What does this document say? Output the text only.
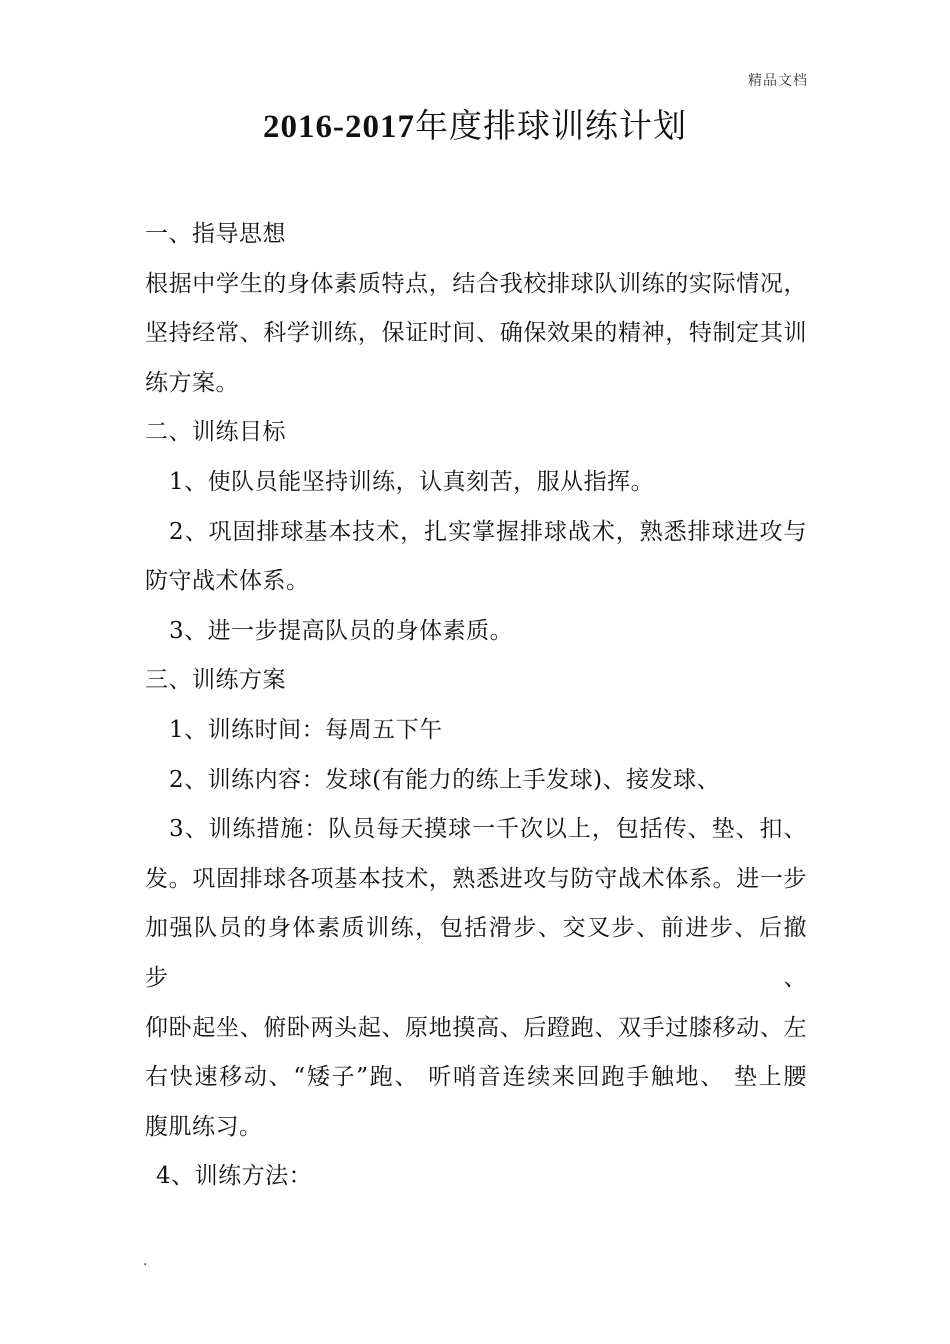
精品文档
2016-2017年度排球训练计划
一、指导思想
根据中学生的身体素质特点，结合我校排球队训练的实际情况，
坚持经常、科学训练，保证时间、确保效果的精神，特制定其训
练方案。
二、训练目标
1、使队员能坚持训练，认真刻苦，服从指挥。
2、巩固排球基本技术，扎实掌握排球战术，熟悉排球进攻与
防守战术体系。
3、进一步提高队员的身体素质。
三、训练方案
1、训练时间：每周五下午
2、训练内容：发球(有能力的练上手发球)、接发球、
3、训练措施：队员每天摸球一千次以上，包括传、垫、扣、
发。巩固排球各项基本技术，熟悉进攻与防守战术体系。进一步
加强队员的身体素质训练，包括滑步、交叉步、前进步、后撤步、
仰卧起坐、俯卧两头起、原地摸高、后蹬跑、双手过膝移动、左
右快速移动、“矮子”跑、 听哨音连续来回跑手触地、 垫上腰
腹肌练习。
4、训练方法：
.
